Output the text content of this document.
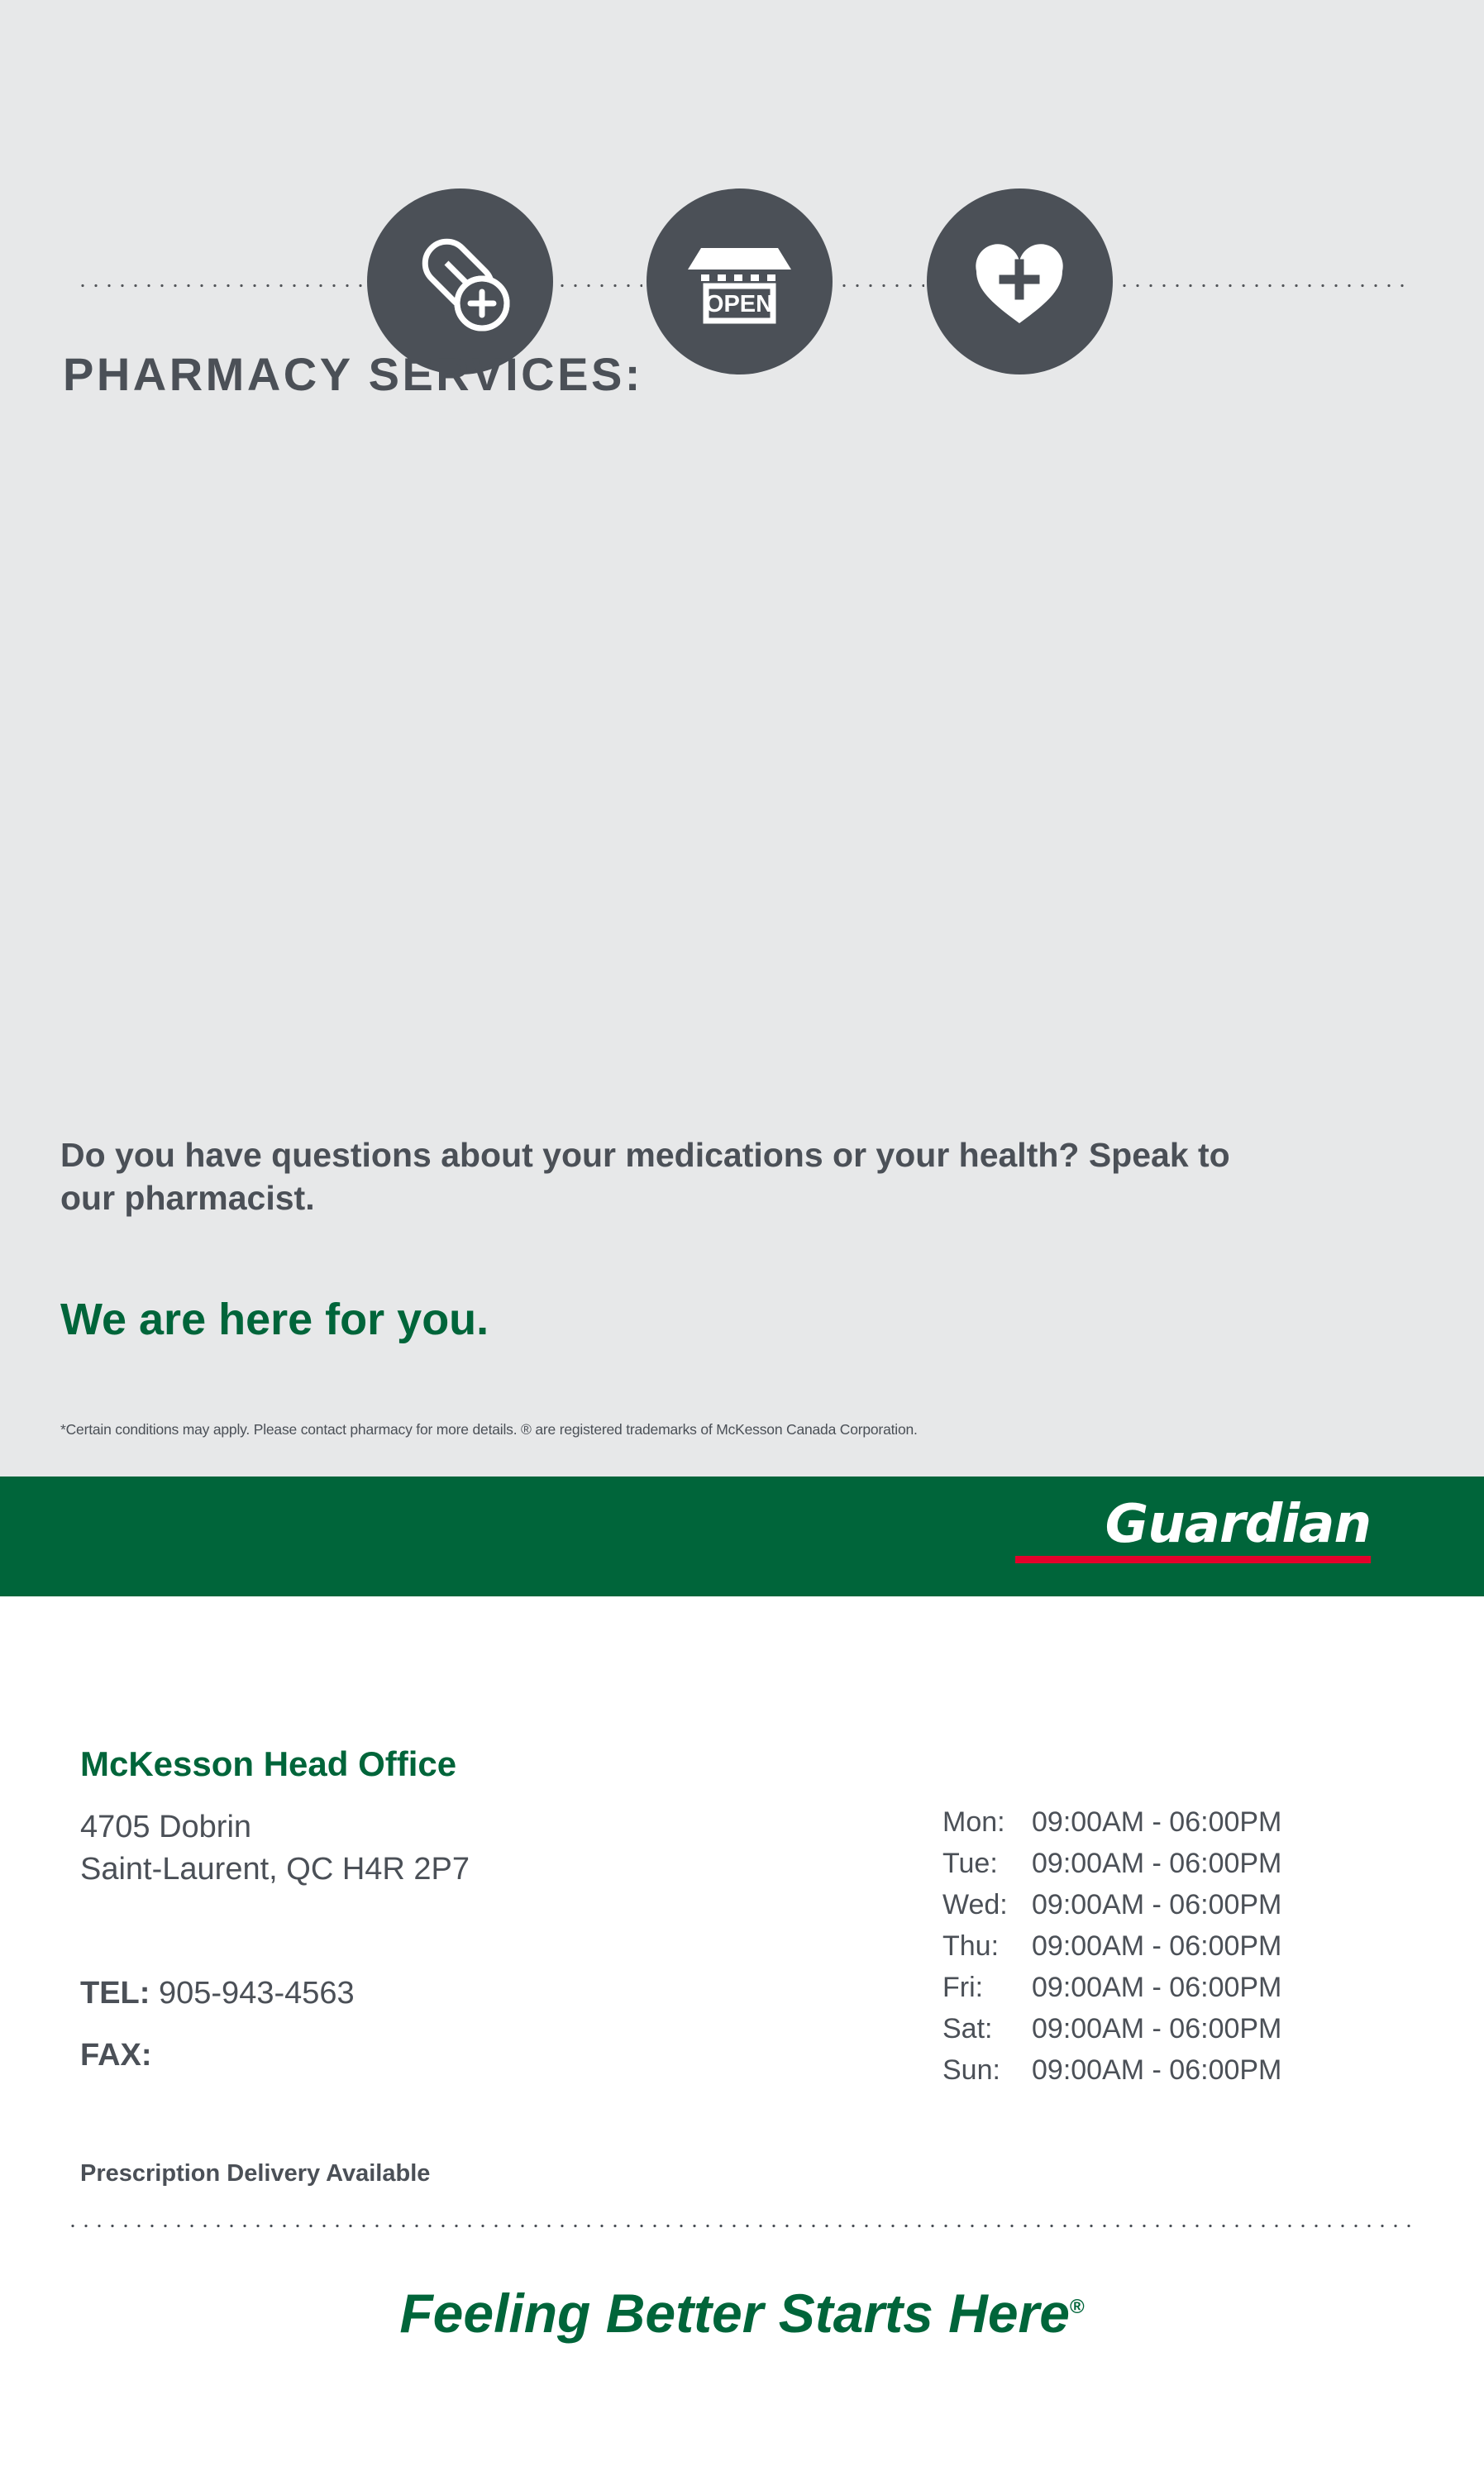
OPEN
PHARMACY SERVICES:
Do you have questions about your medications or your health? Speak to our pharmacist.
We are here for you.
*Certain conditions may apply. Please contact pharmacy for more details. ® are registered trademarks of McKesson Canada Corporation.
Guardian
McKesson Head Office
4705 Dobrin
Saint-Laurent, QC H4R 2P7
TEL: 905-943-4563
FAX:
Prescription Delivery Available
Mon: 09:00AM - 06:00PM
Tue:	09:00AM - 06:00PM
Wed: 09:00AM - 06:00PM
Thu:	09:00AM - 06:00PM
Fri:	09:00AM - 06:00PM
Sat:	09:00AM - 06:00PM
Sun:	09:00AM - 06:00PM
Feeling Better Starts Here®
